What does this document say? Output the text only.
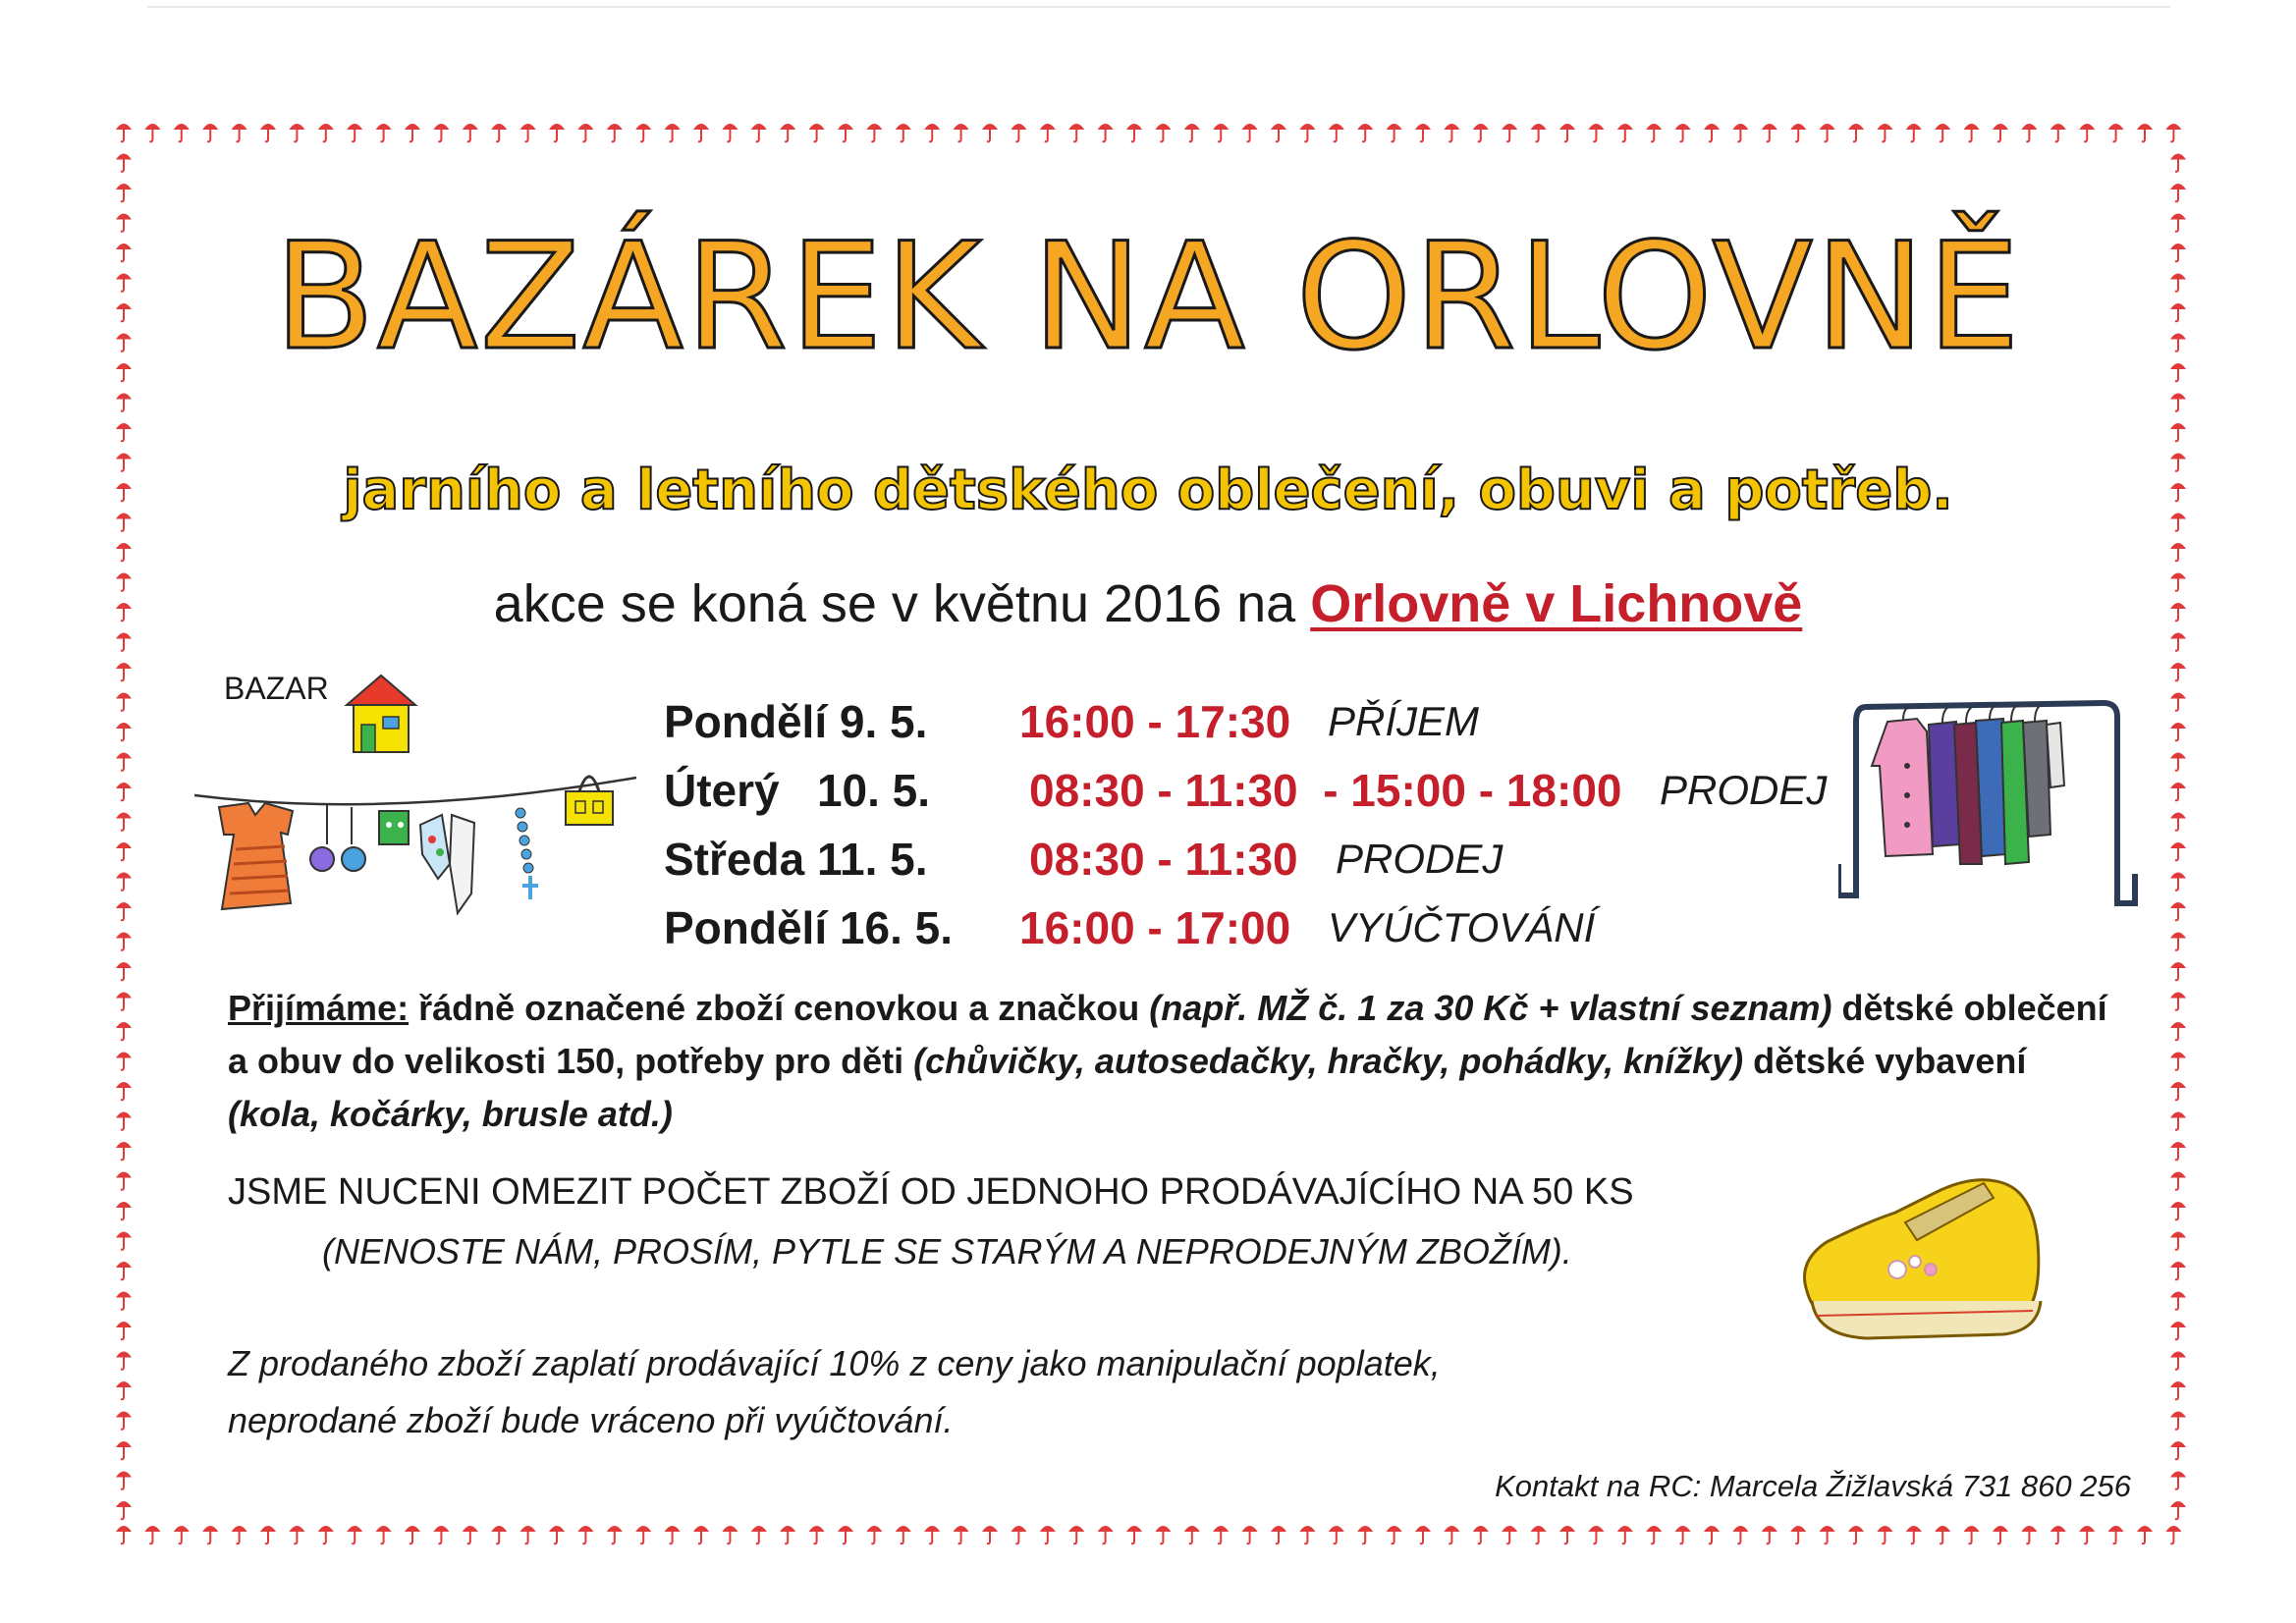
BAZÁREK NA ORLOVNĚ
jarního a letního dětského oblečení, obuvi a potřeb.
akce se koná se v květnu 2016 na Orlovně v Lichnově
BAZAR
Pondělí 9. 5. 16:00 - 17:30 PŘÍJEM
Úterý   10. 5. 08:30 - 11:30  - 15:00 - 18:00 PRODEJ
Středa 11. 5. 08:30 - 11:30 PRODEJ
Pondělí 16. 5. 16:00 - 17:00 VYÚČTOVÁNÍ
Přijímáme: řádně označené zboží cenovkou a značkou (např. MŽ č. 1 za 30 Kč + vlastní seznam) dětské oblečení a obuv do velikosti 150, potřeby pro děti (chůvičky, autosedačky, hračky, pohádky, knížky) dětské vybavení (kola, kočárky, brusle atd.)
JSME NUCENI OMEZIT POČET ZBOŽÍ OD JEDNOHO PRODÁVAJÍCÍHO NA 50 KS
(NENOSTE NÁM, PROSÍM, PYTLE SE STARÝM A NEPRODEJNÝM ZBOŽÍM).
Z prodaného zboží zaplatí prodávající 10% z ceny jako manipulační poplatek,
neprodané zboží bude vráceno při vyúčtování.
Kontakt na RC: Marcela Žižlavská 731 860 256
